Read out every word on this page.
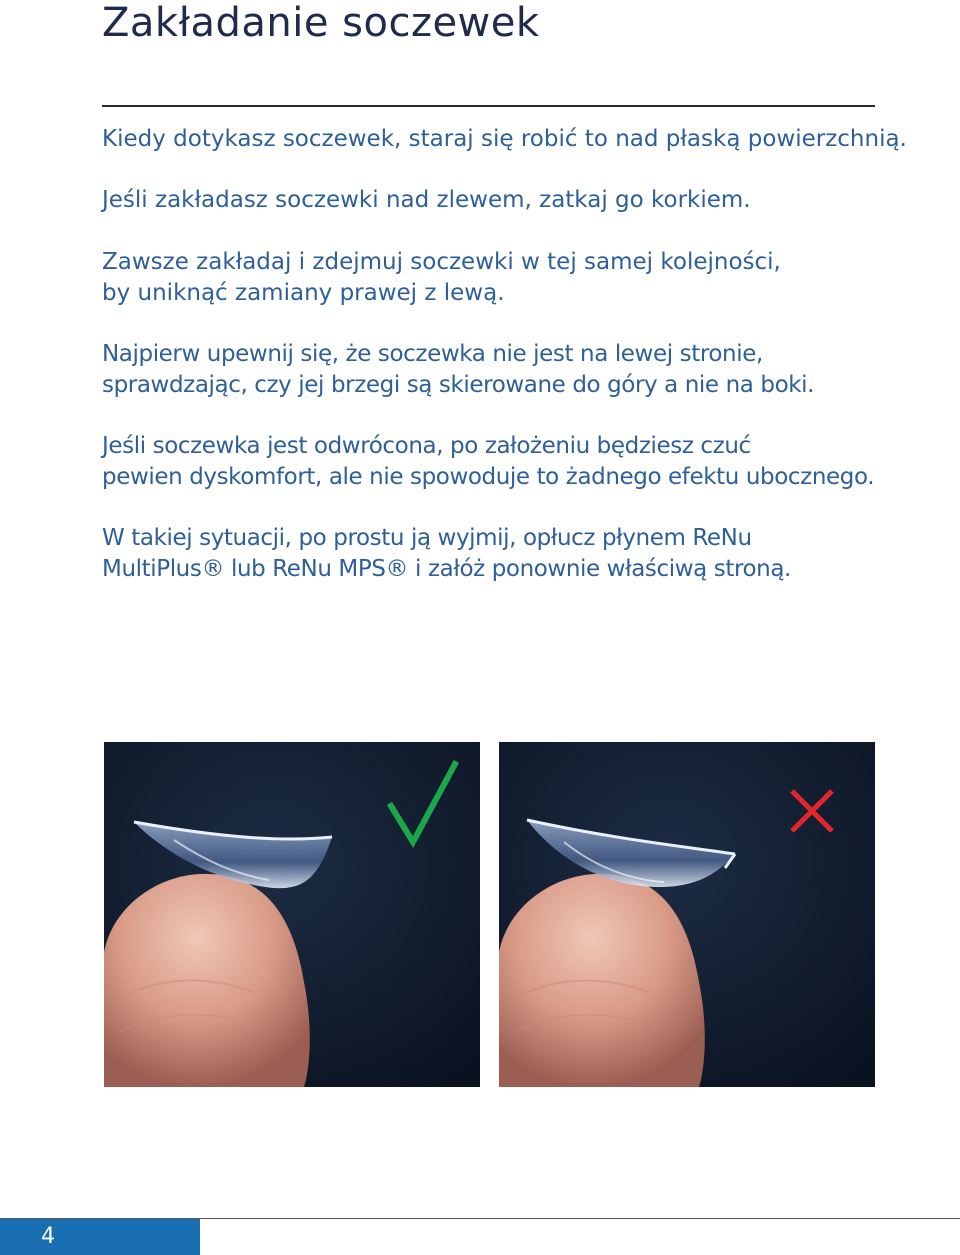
Zakładanie soczewek

Kiedy dotykasz soczewek, staraj się robić to nad płaską powierzchnią.

Jeśli zakładasz soczewki nad zlewem, zatkaj go korkiem.

Zawsze zakładaj i zdejmuj soczewki w tej samej kolejności,
by uniknąć zamiany prawej z lewą.

Najpierw upewnij się, że soczewka nie jest na lewej stronie,
sprawdzając, czy jej brzegi są skierowane do góry a nie na boki.

Jeśli soczewka jest odwrócona, po założeniu będziesz czuć
pewien dyskomfort, ale nie spowoduje to żadnego efektu ubocznego.

W takiej sytuacji, po prostu ją wyjmij, opłucz płynem ReNu
MultiPlus® lub ReNu MPS® i załóż ponownie właściwą stroną.

4
